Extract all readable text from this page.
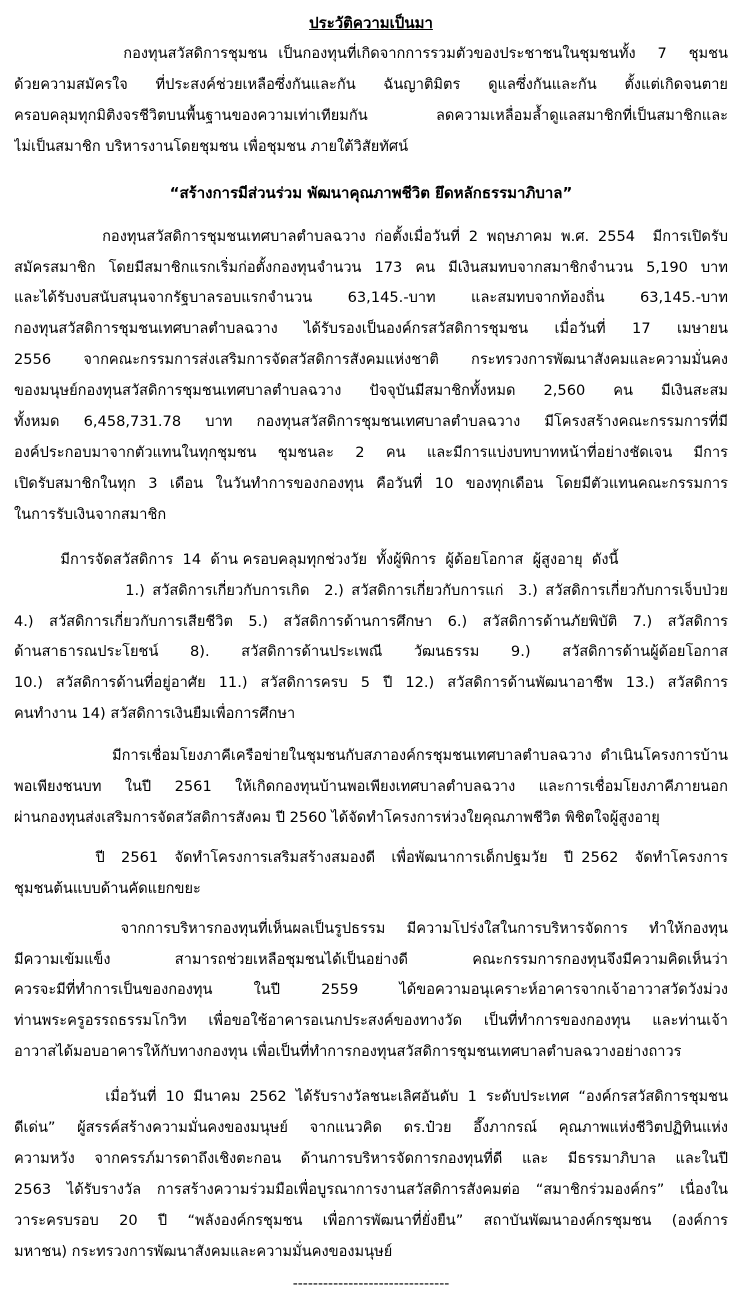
ประวัติความเป็นมา
กองทุนสวัสดิการชุมชน เป็นกองทุนที่เกิดจากการรวมตัวของประชาชนในชุมชนทั้ง  7  ชุมชน
ด้วยความสมัครใจ ที่ประสงค์ช่วยเหลือซึ่งกันและกัน ฉันญาติมิตร ดูแลซึ่งกันและกัน ตั้งแต่เกิดจนตาย
ครอบคลุมทุกมิติงจรชีวิตบนพื้นฐานของความเท่าเทียมกัน ลดความเหลื่อมล้ำดูแลสมาชิกที่เป็นสมาชิกและ
ไม่เป็นสมาชิก บริหารงานโดยชุมชน เพื่อชุมชน ภายใต้วิสัยทัศน์
“สร้างการมีส่วนร่วม พัฒนาคุณภาพชีวิต ยึดหลักธรรมาภิบาล”
กองทุนสวัสดิการชุมชนเทศบาลตำบลฉวาง ก่อตั้งเมื่อวันที่ 2 พฤษภาคม พ.ศ. 2554  มีการเปิดรับ
สมัครสมาชิก โดยมีสมาชิกแรกเริ่มก่อตั้งกองทุนจำนวน 173 คน มีเงินสมทบจากสมาชิกจำนวน 5,190 บาท
และได้รับงบสนับสนุนจากรัฐบาลรอบแรกจำนวน 63,145.-บาท และสมทบจากท้องถิ่น 63,145.-บาท
กองทุนสวัสดิการชุมชนเทศบาลตำบลฉวาง ได้รับรองเป็นองค์กรสวัสดิการชุมชน เมื่อวันที่ 17 เมษายน
2556 จากคณะกรรมการส่งเสริมการจัดสวัสดิการสังคมแห่งชาติ กระทรวงการพัฒนาสังคมและความมั่นคง
ของมนุษย์กองทุนสวัสดิการชุมชนเทศบาลตำบลฉวาง ปัจจุบันมีสมาชิกทั้งหมด 2,560 คน มีเงินสะสม
ทั้งหมด 6,458,731.78 บาท กองทุนสวัสดิการชุมชนเทศบาลตำบลฉวาง มีโครงสร้างคณะกรรมการที่มี
องค์ประกอบมาจากตัวแทนในทุกชุมชน ชุมชนละ 2 คน และมีการแบ่งบทบาทหน้าที่อย่างชัดเจน มีการ
เปิดรับสมาชิกในทุก 3 เดือน ในวันทำการของกองทุน คือวันที่ 10 ของทุกเดือน โดยมีตัวแทนคณะกรรมการ
ในการรับเงินจากสมาชิก
มีการจัดสวัสดิการ  14  ด้าน ครอบคลุมทุกช่วงวัย  ทั้งผู้พิการ  ผู้ด้อยโอกาส  ผู้สูงอายุ  ดังนี้
1.) สวัสดิการเกี่ยวกับการเกิด  2.) สวัสดิการเกี่ยวกับการแก่  3.) สวัสดิการเกี่ยวกับการเจ็บป่วย
4.) สวัสดิการเกี่ยวกับการเสียชีวิต 5.) สวัสดิการด้านการศึกษา 6.) สวัสดิการด้านภัยพิบัติ 7.) สวัสดิการ
ด้านสาธารณประโยชน์ 8). สวัสดิการด้านประเพณี วัฒนธรรม 9.) สวัสดิการด้านผู้ด้อยโอกาส
10.) สวัสดิการด้านที่อยู่อาศัย 11.) สวัสดิการครบ 5 ปี 12.) สวัสดิการด้านพัฒนาอาชีพ 13.) สวัสดิการ
คนทำงาน 14) สวัสดิการเงินยืมเพื่อการศึกษา
มีการเชื่อมโยงภาคีเครือข่ายในชุมชนกับสภาองค์กรชุมชนเทศบาลตำบลฉวาง ดำเนินโครงการบ้าน
พอเพียงชนบท ในปี 2561 ให้เกิดกองทุนบ้านพอเพียงเทศบาลตำบลฉวาง และการเชื่อมโยงภาคีภายนอก
ผ่านกองทุนส่งเสริมการจัดสวัสดิการสังคม ปี 2560 ได้จัดทำโครงการห่วงใยคุณภาพชีวิต พิชิตใจผู้สูงอายุ
ปี  2561  จัดทำโครงการเสริมสร้างสมองดี  เพื่อพัฒนาการเด็กปฐมวัย  ปี 2562  จัดทำโครงการ
ชุมชนต้นแบบด้านคัดแยกขยะ
จากการบริหารกองทุนที่เห็นผลเป็นรูปธรรม  มีความโปร่งใสในการบริหารจัดการ  ทำให้กองทุน
มีความเข้มแข็ง สามารถช่วยเหลือชุมชนได้เป็นอย่างดี คณะกรรมการกองทุนจึงมีความคิดเห็นว่า
ควรจะมีที่ทำการเป็นของกองทุน ในปี 2559 ได้ขอความอนุเคราะห์อาคารจากเจ้าอาวาสวัดวังม่วง
ท่านพระครูอรรถธรรมโกวิท เพื่อขอใช้อาคารอเนกประสงค์ของทางวัด เป็นที่ทำการของกองทุน และท่านเจ้า
อาวาสได้มอบอาคารให้กับทางกองทุน เพื่อเป็นที่ทำการกองทุนสวัสดิการชุมชนเทศบาลตำบลฉวางอย่างถาวร
เมื่อวันที่ 10 มีนาคม 2562 ได้รับรางวัลชนะเลิศอันดับ 1 ระดับประเทศ “องค์กรสวัสดิการชุมชน
ดีเด่น” ผู้สรรค์สร้างความมั่นคงของมนุษย์ จากแนวคิด ดร.ป๋วย อึ๊งภากรณ์ คุณภาพแห่งชีวิตปฏิทินแห่ง
ความหวัง จากครรภ์มารดาถึงเชิงตะกอน ด้านการบริหารจัดการกองทุนที่ดี และ มีธรรมาภิบาล และในปี
2563 ได้รับรางวัล การสร้างความร่วมมือเพื่อบูรณาการงานสวัสดิการสังคมต่อ “สมาชิกร่วมองค์กร” เนื่องใน
วาระครบรอบ 20 ปี “พลังองค์กรชุมชน เพื่อการพัฒนาที่ยั่งยืน” สถาบันพัฒนาองค์กรชุมชน (องค์การ
มหาชน) กระทรวงการพัฒนาสังคมและความมั่นคงของมนุษย์
-------------------------------
